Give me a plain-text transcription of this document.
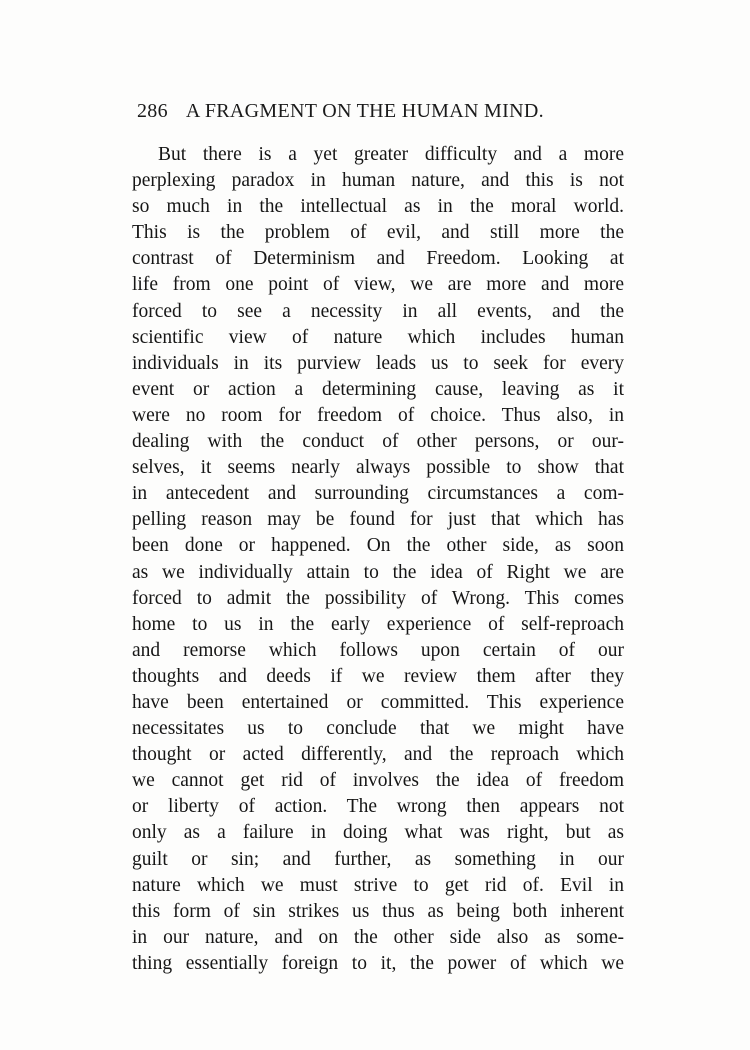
286 A FRAGMENT ON THE HUMAN MIND.
But there is a yet greater difficulty and a more
perplexing paradox in human nature, and this is not
so much in the intellectual as in the moral world.
This is the problem of evil, and still more the
contrast of Determinism and Freedom. Looking at
life from one point of view, we are more and more
forced to see a necessity in all events, and the
scientific view of nature which includes human
individuals in its purview leads us to seek for every
event or action a determining cause, leaving as it
were no room for freedom of choice. Thus also, in
dealing with the conduct of other persons, or our-
selves, it seems nearly always possible to show that
in antecedent and surrounding circumstances a com-
pelling reason may be found for just that which has
been done or happened. On the other side, as soon
as we individually attain to the idea of Right we are
forced to admit the possibility of Wrong. This comes
home to us in the early experience of self-reproach
and remorse which follows upon certain of our
thoughts and deeds if we review them after they
have been entertained or committed. This experience
necessitates us to conclude that we might have
thought or acted differently, and the reproach which
we cannot get rid of involves the idea of freedom
or liberty of action. The wrong then appears not
only as a failure in doing what was right, but as
guilt or sin; and further, as something in our
nature which we must strive to get rid of. Evil in
this form of sin strikes us thus as being both inherent
in our nature, and on the other side also as some-
thing essentially foreign to it, the power of which we
